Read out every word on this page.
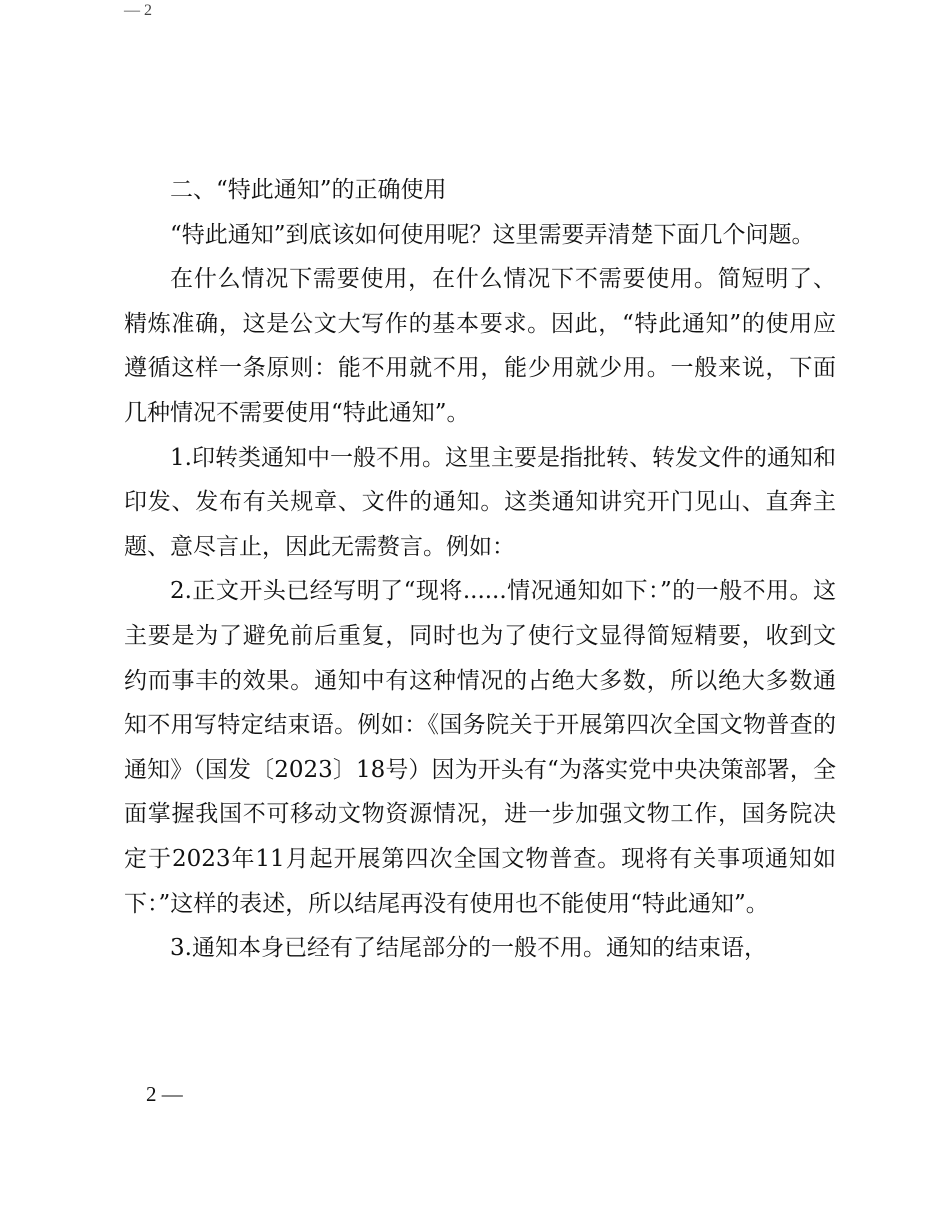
— 2

二、“特此通知”的正确使用

“特此通知”到底该如何使用呢？这里需要弄清楚下面几个问题。

在什么情况下需要使用，在什么情况下不需要使用。简短明了、精炼准确，这是公文大写作的基本要求。因此，“特此通知”的使用应遵循这样一条原则：能不用就不用，能少用就少用。一般来说，下面几种情况不需要使用“特此通知”。

1.印转类通知中一般不用。这里主要是指批转、转发文件的通知和印发、发布有关规章、文件的通知。这类通知讲究开门见山、直奔主题、意尽言止，因此无需赘言。例如：

2.正文开头已经写明了“现将......情况通知如下：”的一般不用。这主要是为了避免前后重复，同时也为了使行文显得简短精要，收到文约而事丰的效果。通知中有这种情况的占绝大多数，所以绝大多数通知不用写特定结束语。例如：《国务院关于开展第四次全国文物普查的通知》（国发〔2023〕18号）因为开头有“为落实党中央决策部署，全面掌握我国不可移动文物资源情况，进一步加强文物工作，国务院决定于2023年11月起开展第四次全国文物普查。现将有关事项通知如下：”这样的表述，所以结尾再没有使用也不能使用“特此通知”。

3.通知本身已经有了结尾部分的一般不用。通知的结束语，

2 —
